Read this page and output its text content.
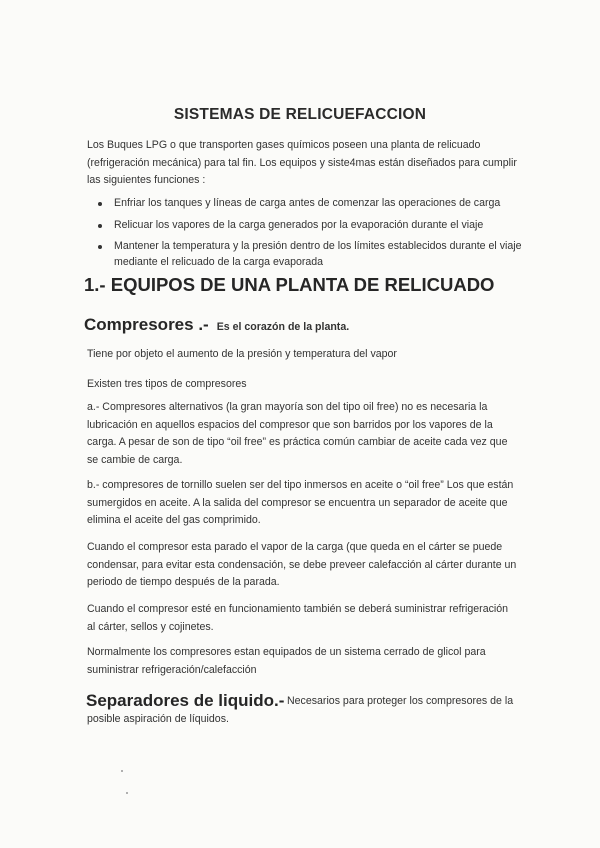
SISTEMAS DE RELICUEFACCION

Los Buques LPG o que transporten gases químicos poseen una planta de relicuado (refrigeración mecánica) para tal fin. Los equipos y siste4mas están diseñados para cumplir las siguientes funciones :

Enfriar los tanques y líneas de carga antes de comenzar las operaciones de carga
Relicuar los vapores de la carga generados por la evaporación durante el viaje
Mantener la temperatura y la presión dentro de los límites establecidos durante el viaje mediante el relicuado de la carga evaporada
1.- EQUIPOS DE UNA PLANTA DE RELICUADO
Compresores .- Es el corazón de la planta.

Tiene por objeto el aumento de la presión y temperatura del vapor

Existen tres tipos de compresores

a.- Compresores alternativos (la gran mayoría son del tipo oil free) no es necesaria la lubricación en aquellos espacios del compresor que son barridos por los vapores de la carga. A pesar de son de tipo “oil free” es práctica común cambiar de aceite cada vez que se cambie de carga.

b.- compresores de tornillo suelen ser del tipo inmersos en aceite o “oil free” Los que están sumergidos en aceite. A la salida del compresor se encuentra un separador de aceite que elimina el aceite del gas comprimido.

Cuando el compresor esta parado el vapor de la carga (que queda en el cárter se puede condensar, para evitar esta condensación, se debe preveer calefacción al cárter durante un periodo de tiempo después de la parada.

Cuando el compresor esté en funcionamiento también se deberá suministrar refrigeración al cárter, sellos y cojinetes.

Normalmente los compresores estan equipados de un sistema cerrado de glicol para suministrar refrigeración/calefacción

Separadores de liquido.- Necesarios para proteger los compresores de la posible aspiración de líquidos.
